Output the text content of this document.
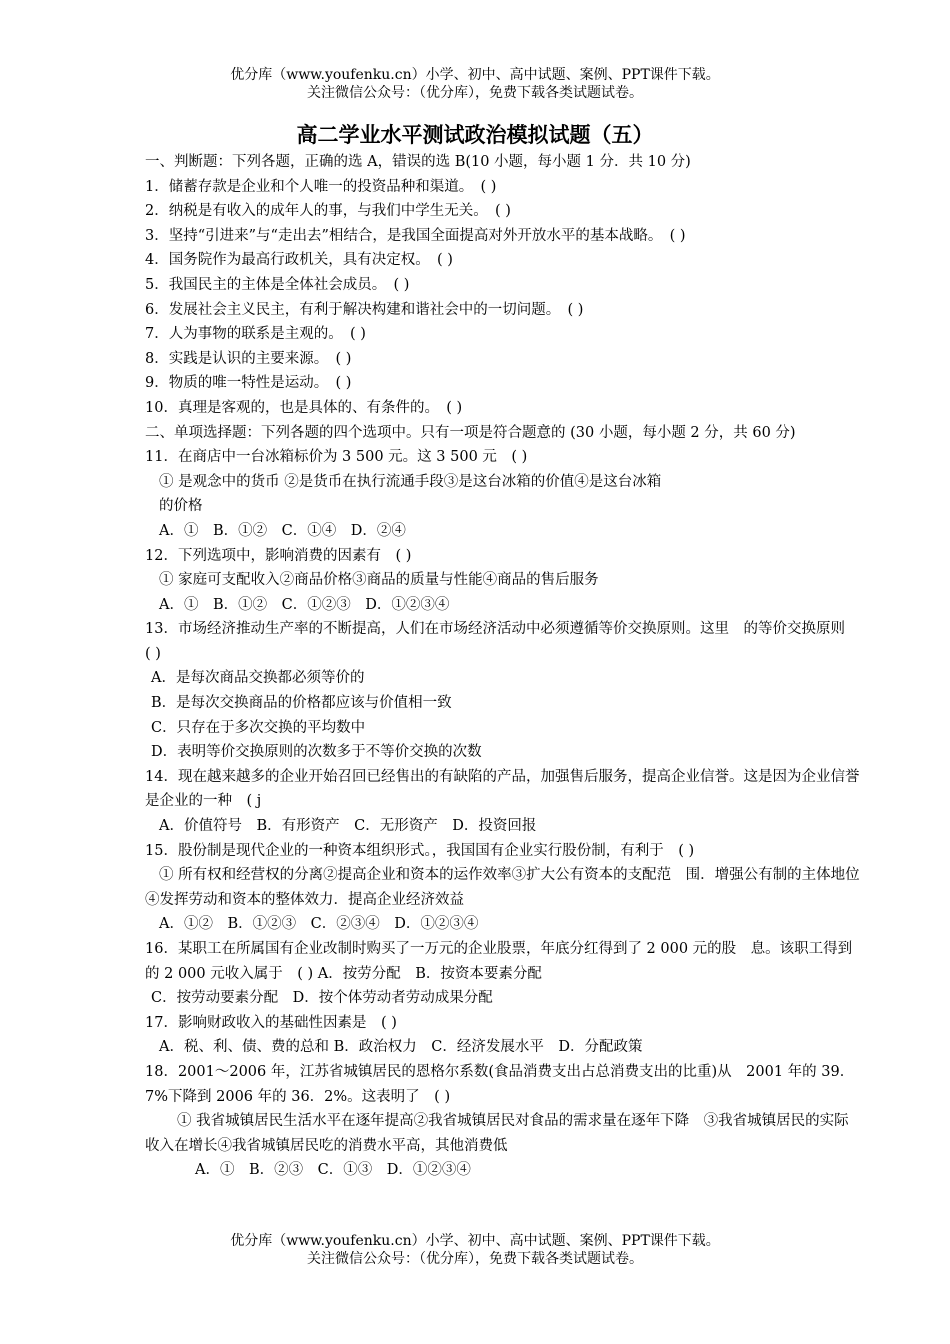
优分库（www.youfenku.cn）小学、初中、高中试题、案例、PPT课件下载。
关注微信公众号：（优分库），免费下载各类试题试卷。
高二学业水平测试政治模拟试题（五）
一、判断题：下列各题，正确的选 A，错误的选 B(10 小题，每小题 1 分．共 10 分)
1．储蓄存款是企业和个人唯一的投资品种和渠道。　( )
2．纳税是有收入的成年人的事，与我们中学生无关。　( )
3．坚持“引进来”与“走出去”相结合，是我国全面提高对外开放水平的基本战略。　( )
4．国务院作为最高行政机关，具有决定权。　( )
5．我国民主的主体是全体社会成员。　( )
6．发展社会主义民主，有利于解决构建和谐社会中的一切问题。　( )
7．人为事物的联系是主观的。　( )
8．实践是认识的主要来源。　( )
9．物质的唯一特性是运动。　( )
10．真理是客观的，也是具体的、有条件的。　( )
二、单项选择题：下列各题的四个选项中。只有一项是符合题意的 (30 小题，每小题 2 分，共 60 分)
11．在商店中一台冰箱标价为 3 500 元。这 3 500 元　( )
① 是观念中的货币 ②是货币在执行流通手段③是这台冰箱的价值④是这台冰箱
的价格
A．①　B．①②　C．①④　D．②④
12．下列选项中，影响消费的因素有　( )
① 家庭可支配收入②商品价格③商品的质量与性能④商品的售后服务
A．①　B．①②　C．①②③　D．①②③④
13．市场经济推动生产率的不断提高，人们在市场经济活动中必须遵循等价交换原则。这里　的等价交换原则　( )
A．是每次商品交换都必须等价的
B．是每次交换商品的价格都应该与价值相一致
C．只存在于多次交换的平均数中
D．表明等价交换原则的次数多于不等价交换的次数
14．现在越来越多的企业开始召回已经售出的有缺陷的产品，加强售后服务，提高企业信誉。这是因为企业信誉是企业的一种　( j
A．价值符号　B．有形资产　C．无形资产　D．投资回报
15．股份制是现代企业的一种资本组织形式。，我国国有企业实行股份制，有利于　( )
① 所有权和经营权的分离②提高企业和资本的运作效率③扩大公有资本的支配范　围．增强公有制的主体地位④发挥劳动和资本的整体效力．提高企业经济效益
A．①②　B．①②③　C．②③④　D．①②③④
16．某职工在所属国有企业改制时购买了一万元的企业股票，年底分红得到了 2 000 元的股　息。该职工得到的 2 000 元收入属于　( ) A．按劳分配　B．按资本要素分配
C．按劳动要素分配　D．按个体劳动者劳动成果分配
17．影响财政收入的基础性因素是　( )
A．税、利、债、费的总和 B．政治权力　C．经济发展水平　D．分配政策
18．2001～2006 年，江苏省城镇居民的恩格尔系数(食品消费支出占总消费支出的比重)从　2001 年的 39．7%下降到 2006 年的 36．2%。这表明了　( )
① 我省城镇居民生活水平在逐年提高②我省城镇居民对食品的需求量在逐年下降　③我省城镇居民的实际收入在增长④我省城镇居民吃的消费水平高，其他消费低
A．①　B．②③　C．①③　D．①②③④
优分库（www.youfenku.cn）小学、初中、高中试题、案例、PPT课件下载。
关注微信公众号：（优分库），免费下载各类试题试卷。
